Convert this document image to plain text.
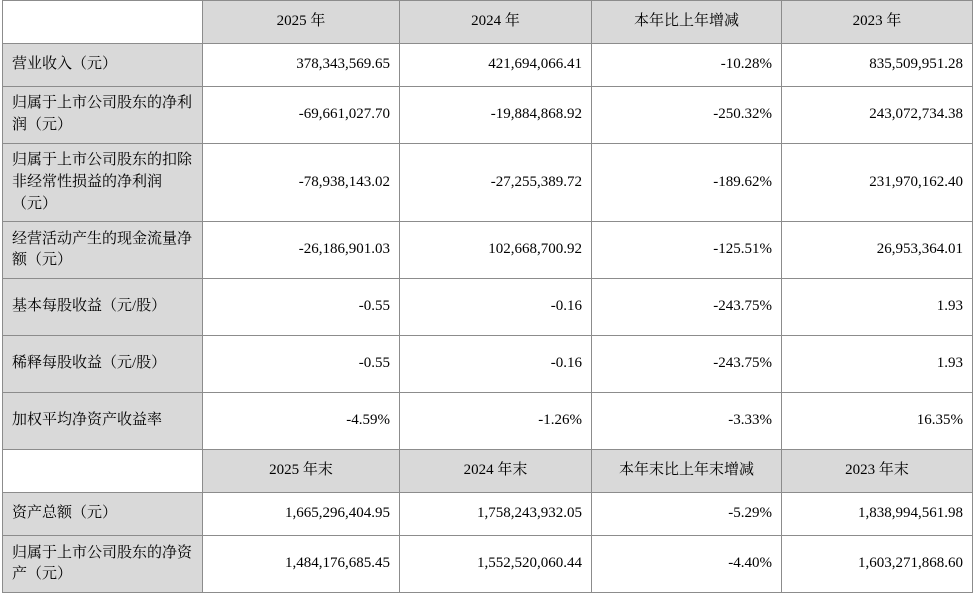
	2025 年	2024 年	本年比上年增减	2023 年
营业收入（元）	378,343,569.65	421,694,066.41	-10.28%	835,509,951.28
归属于上市公司股东的净利润（元）	-69,661,027.70	-19,884,868.92	-250.32%	243,072,734.38
归属于上市公司股东的扣除非经常性损益的净利润（元）	-78,938,143.02	-27,255,389.72	-189.62%	231,970,162.40
经营活动产生的现金流量净额（元）	-26,186,901.03	102,668,700.92	-125.51%	26,953,364.01
基本每股收益（元/股）	-0.55	-0.16	-243.75%	1.93
稀释每股收益（元/股）	-0.55	-0.16	-243.75%	1.93
加权平均净资产收益率	-4.59%	-1.26%	-3.33%	16.35%
	2025 年末	2024 年末	本年末比上年末增减	2023 年末
资产总额（元）	1,665,296,404.95	1,758,243,932.05	-5.29%	1,838,994,561.98
归属于上市公司股东的净资产（元）	1,484,176,685.45	1,552,520,060.44	-4.40%	1,603,271,868.60
